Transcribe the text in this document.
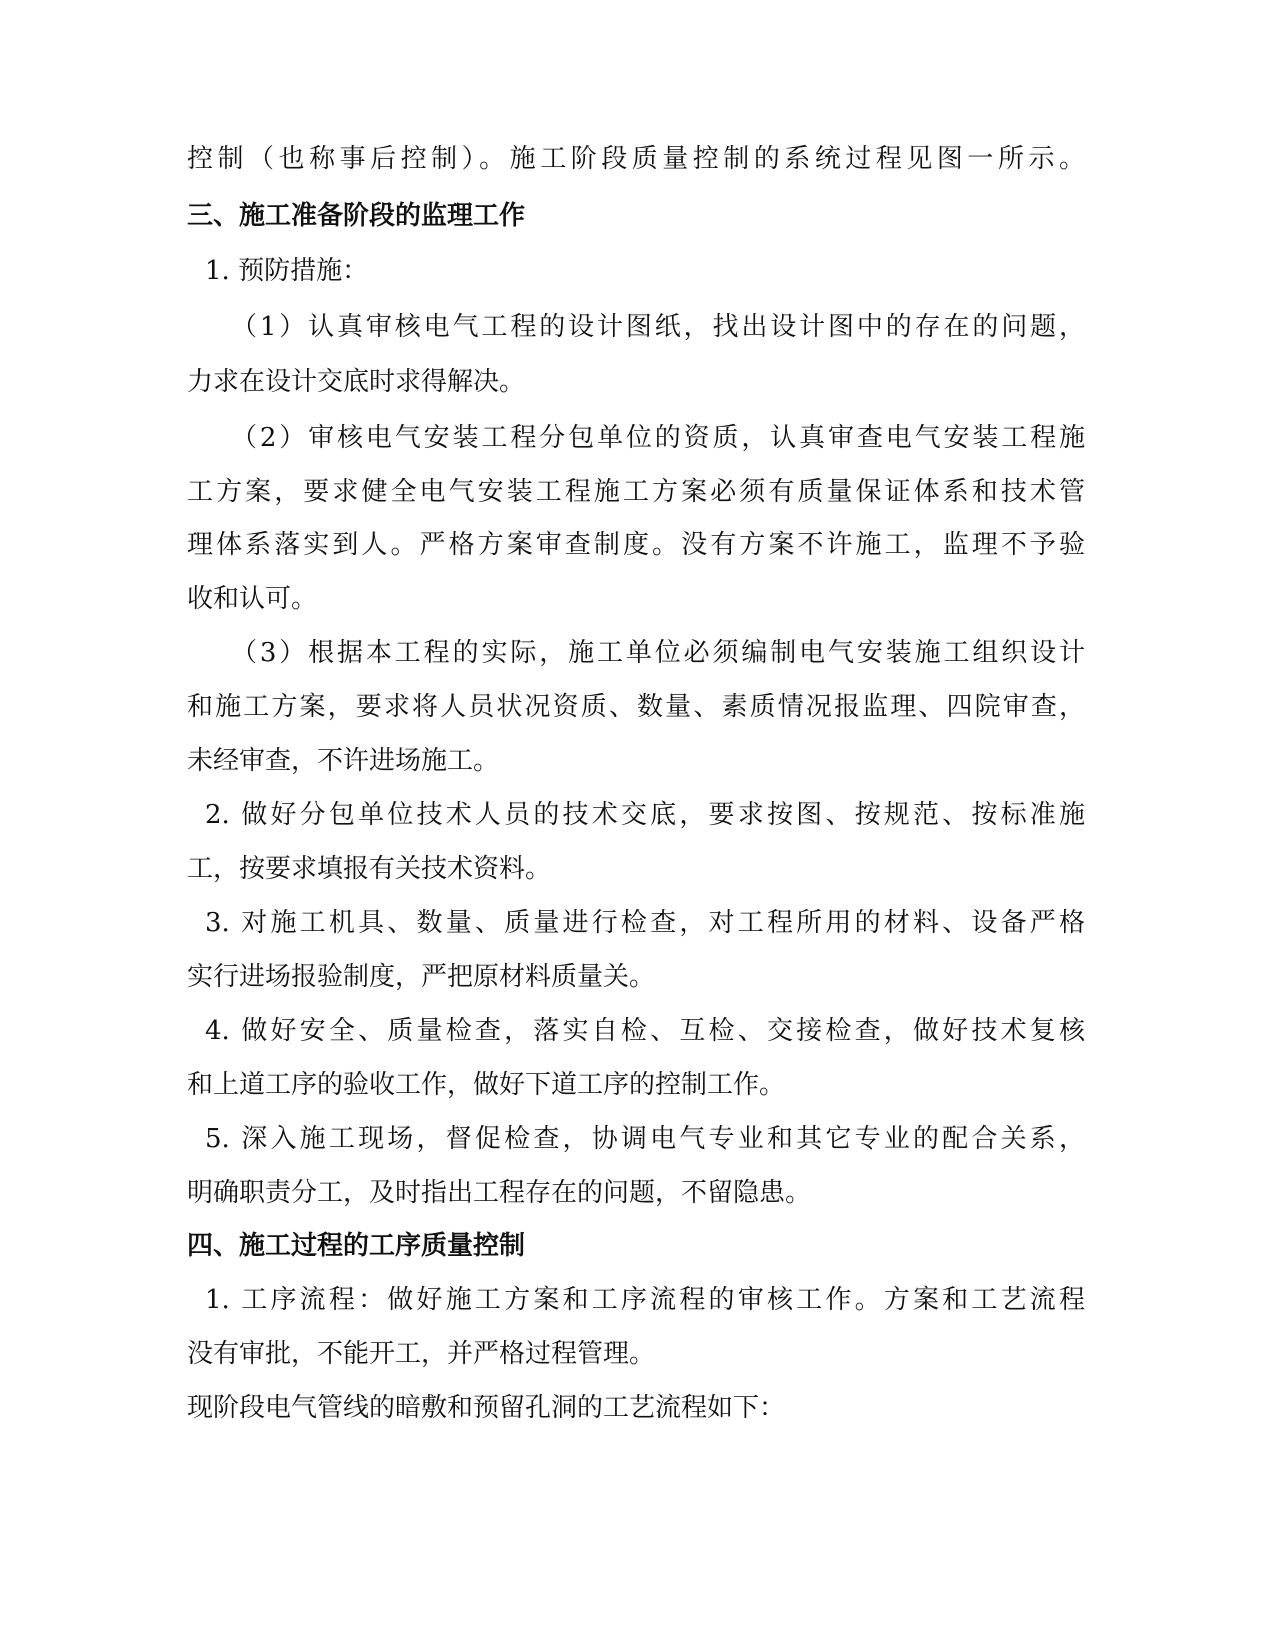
控制（也称事后控制）。施工阶段质量控制的系统过程见图一所示。
三、施工准备阶段的监理工作
1. 预防措施：
（1）认真审核电气工程的设计图纸，找出设计图中的存在的问题，
力求在设计交底时求得解决。
（2）审核电气安装工程分包单位的资质，认真审查电气安装工程施
工方案，要求健全电气安装工程施工方案必须有质量保证体系和技术管
理体系落实到人。严格方案审查制度。没有方案不许施工，监理不予验
收和认可。
（3）根据本工程的实际，施工单位必须编制电气安装施工组织设计
和施工方案，要求将人员状况资质、数量、素质情况报监理、四院审查，
未经审查，不许进场施工。
2. 做好分包单位技术人员的技术交底，要求按图、按规范、按标准施
工，按要求填报有关技术资料。
3. 对施工机具、数量、质量进行检查，对工程所用的材料、设备严格
实行进场报验制度，严把原材料质量关。
4. 做好安全、质量检查，落实自检、互检、交接检查，做好技术复核
和上道工序的验收工作，做好下道工序的控制工作。
5. 深入施工现场，督促检查，协调电气专业和其它专业的配合关系，
明确职责分工，及时指出工程存在的问题，不留隐患。
四、施工过程的工序质量控制
1. 工序流程：做好施工方案和工序流程的审核工作。方案和工艺流程
没有审批，不能开工，并严格过程管理。
现阶段电气管线的暗敷和预留孔洞的工艺流程如下：
